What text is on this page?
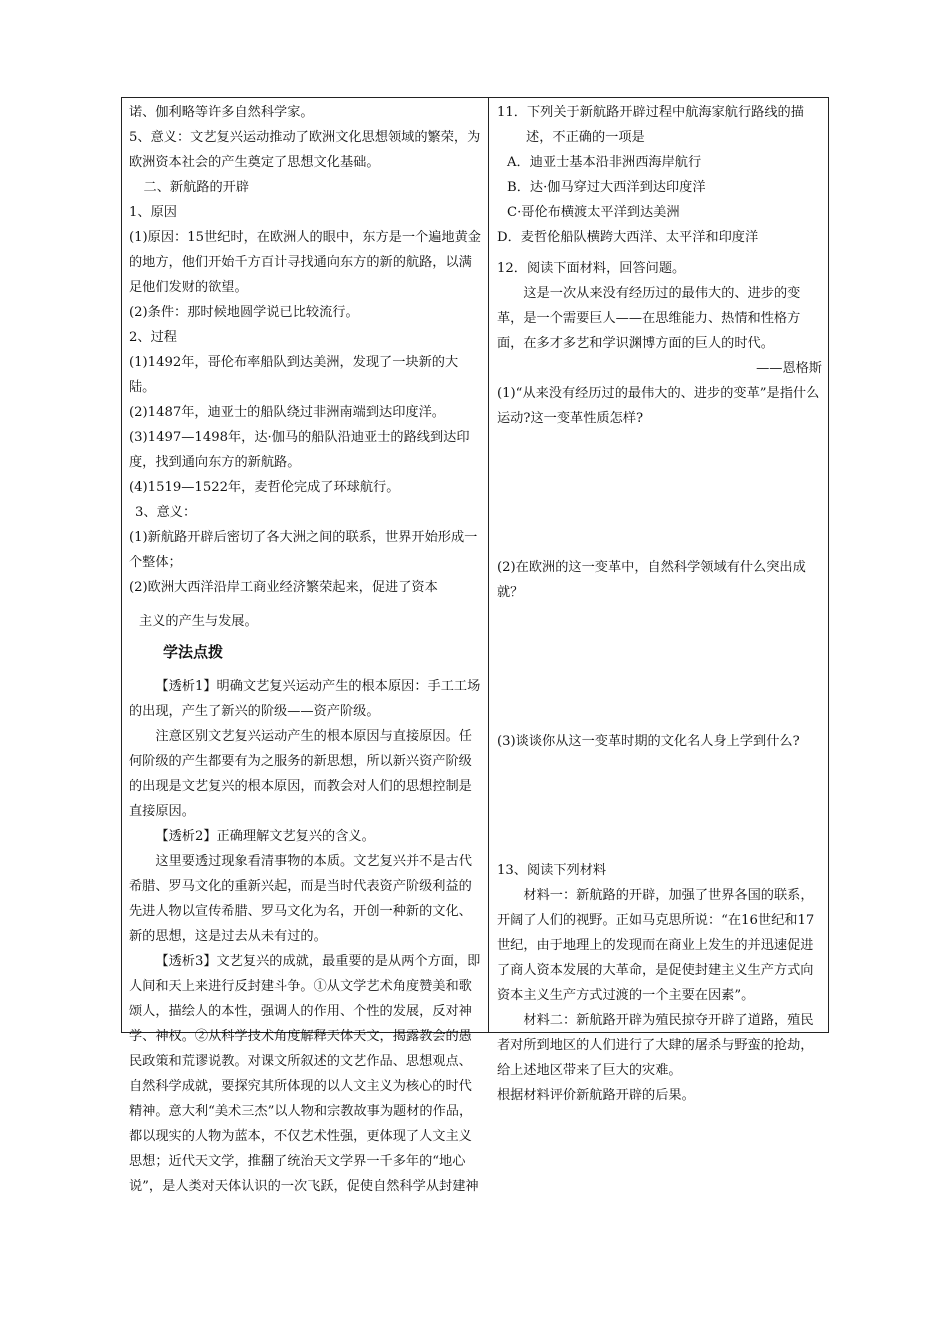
诺、伽利略等许多自然科学家。

5、意义：文艺复兴运动推动了欧洲文化思想领域的繁荣，为欧洲资本社会的产生奠定了思想文化基础。

二、新航路的开辟

1、原因

(1)原因：15世纪时，在欧洲人的眼中，东方是一个遍地黄金的地方，他们开始千方百计寻找通向东方的新的航路，以满足他们发财的欲望。

(2)条件：那时候地圆学说已比较流行。

2、过程

(1)1492年，哥伦布率船队到达美洲，发现了一块新的大陆。

(2)1487年，迪亚士的船队绕过非洲南端到达印度洋。

(3)1497—1498年，达·伽马的船队沿迪亚士的路线到达印度，找到通向东方的新航路。

(4)1519—1522年，麦哲伦完成了环球航行。

3、意义：

(1)新航路开辟后密切了各大洲之间的联系，世界开始形成一个整体；

(2)欧洲大西洋沿岸工商业经济繁荣起来，促进了资本

主义的产生与发展。

学法点拨

【透析1】明确文艺复兴运动产生的根本原因：手工工场的出现，产生了新兴的阶级——资产阶级。

注意区别文艺复兴运动产生的根本原因与直接原因。任何阶级的产生都要有为之服务的新思想，所以新兴资产阶级的出现是文艺复兴的根本原因，而教会对人们的思想控制是直接原因。

【透析2】正确理解文艺复兴的含义。

这里要透过现象看清事物的本质。文艺复兴并不是古代希腊、罗马文化的重新兴起，而是当时代表资产阶级利益的先进人物以宣传希腊、罗马文化为名，开创一种新的文化、新的思想，这是过去从未有过的。

【透析3】文艺复兴的成就，最重要的是从两个方面，即人间和天上来进行反封建斗争。①从文学艺术角度赞美和歌颂人，描绘人的本性，强调人的作用、个性的发展，反对神学、神权。②从科学技术角度解释天体天文，揭露教会的愚民政策和荒谬说教。对课文所叙述的文艺作品、思想观点、自然科学成就，要探究其所体现的以人文主义为核心的时代精神。意大利“美术三杰”以人物和宗教故事为题材的作品，都以现实的人物为蓝本，不仅艺术性强，更体现了人文主义思想；近代天文学，推翻了统治天文学界一千多年的“地心说”，是人类对天体认识的一次飞跃，促使自然科学从封建神

11．下列关于新航路开辟过程中航海家航行路线的描述，不正确的一项是

A．迪亚士基本沿非洲西海岸航行

B．达·伽马穿过大西洋到达印度洋

C·哥伦布横渡太平洋到达美洲

D．麦哲伦船队横跨大西洋、太平洋和印度洋

12．阅读下面材料，回答问题。

这是一次从来没有经历过的最伟大的、进步的变革，是一个需要巨人——在思维能力、热情和性格方面，在多才多艺和学识渊博方面的巨人的时代。

——恩格斯

(1)“从来没有经历过的最伟大的、进步的变革”是指什么运动?这一变革性质怎样?

(2)在欧洲的这一变革中，自然科学领域有什么突出成就？

(3)谈谈你从这一变革时期的文化名人身上学到什么?

13、阅读下列材料

材料一：新航路的开辟，加强了世界各国的联系，开阔了人们的视野。正如马克思所说：“在16世纪和17世纪，由于地理上的发现而在商业上发生的并迅速促进了商人资本发展的大革命，是促使封建主义生产方式向资本主义生产方式过渡的一个主要在因素”。

材料二：新航路开辟为殖民掠夺开辟了道路，殖民者对所到地区的人们进行了大肆的屠杀与野蛮的抢劫，给上述地区带来了巨大的灾难。

根据材料评价新航路开辟的后果。
